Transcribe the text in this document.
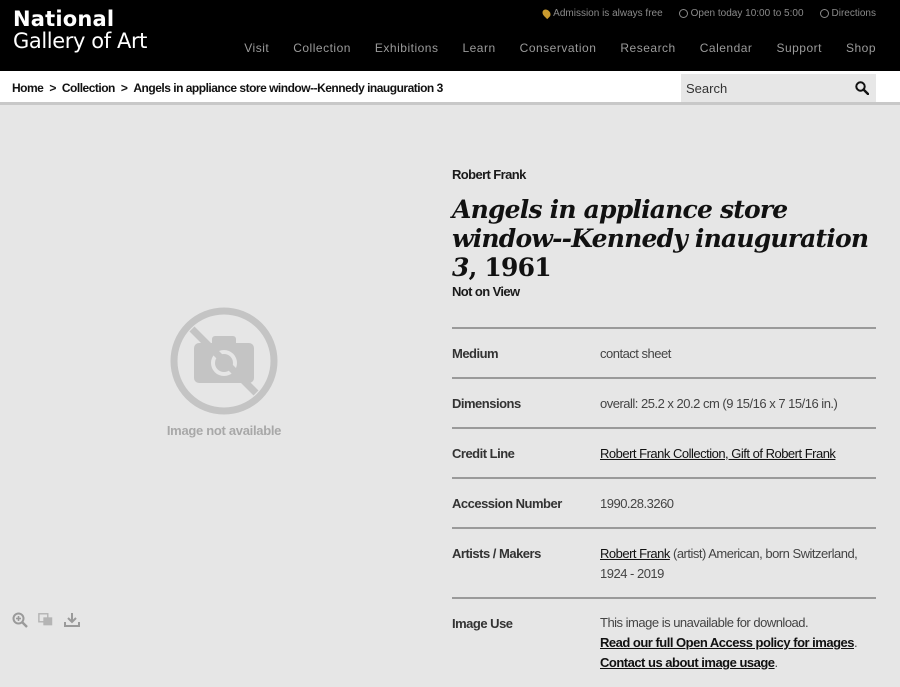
National
Gallery of Art
Admission is always free	Open today 10:00 to 5:00	Directions
Visit Collection Exhibitions Learn Conservation Research Calendar Support Shop
Home > Collection > Angels in appliance store window--Kennedy inauguration 3
Search
Image not available
Robert Frank
Angels in appliance store window--Kennedy inauguration 3, 1961
Not on View
Medium	contact sheet
Dimensions	overall: 25.2 x 20.2 cm (9 15/16 x 7 15/16 in.)
Credit Line	Robert Frank Collection, Gift of Robert Frank
Accession Number	1990.28.3260
Artists / Makers	Robert Frank (artist) American, born Switzerland, 1924 - 2019
Image Use	This image is unavailable for download.
Read our full Open Access policy for images.
Contact us about image usage.
